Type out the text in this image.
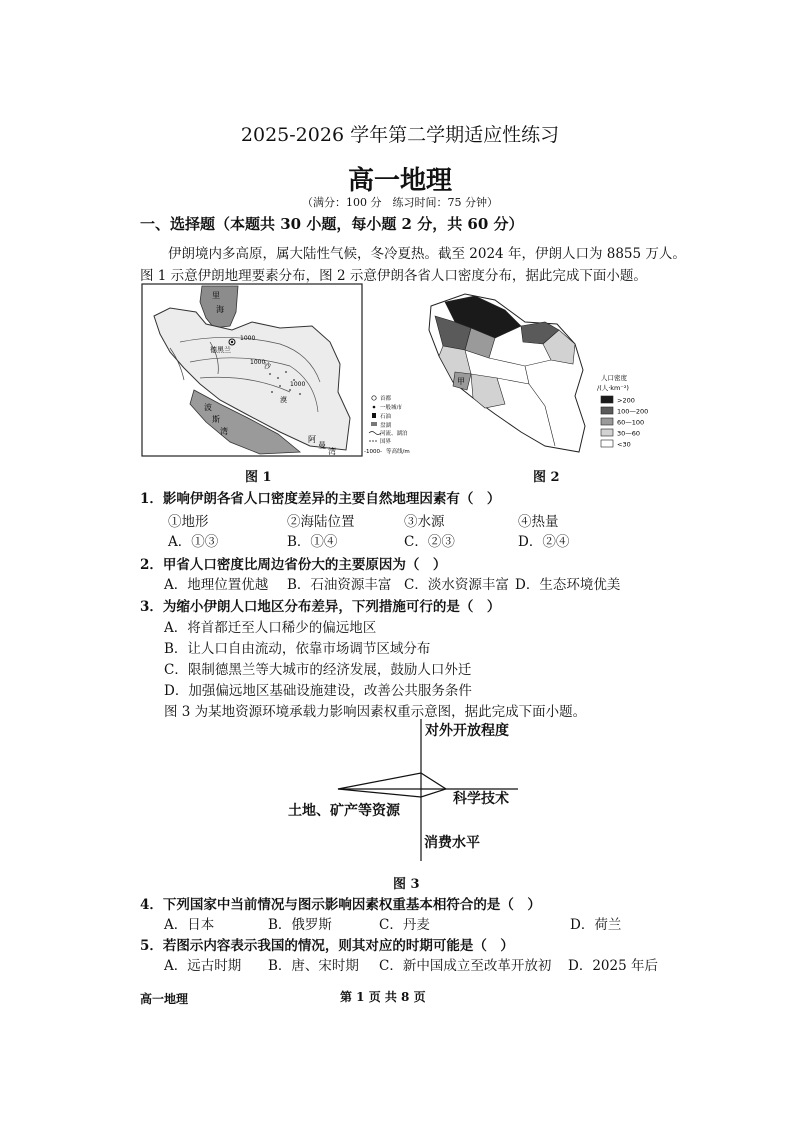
2025-2026 学年第二学期适应性练习
高一地理
（满分：100 分　练习时间：75 分钟）
一、选择题（本题共 30 小题，每小题 2 分，共 60 分）
伊朗境内多高原，属大陆性气候，冬冷夏热。截至 2024 年，伊朗人口为 8855 万人。
图 1 示意伊朗地理要素分布，图 2 示意伊朗各省人口密度分布，据此完成下面小题。
里
海
德黑兰
波
斯
湾
阿
曼
湾
沙
漠
1000
1000
1000
首都
一般城市
石油
盘湖
河流、湖泊
国界
-1000- 等高线/m
图 1
甲	人口密度
/(人·km⁻²)
>200
100—200
60—100
30—60
<30
图 2
1．影响伊朗各省人口密度差异的主要自然地理因素有（　）
①地形	②海陆位置	③水源	④热量
A．①③	B．①④	C．②③	D．②④
2．甲省人口密度比周边省份大的主要原因为（　）
A．地理位置优越 B．石油资源丰富 C．淡水资源丰富 D．生态环境优美
3．为缩小伊朗人口地区分布差异，下列措施可行的是（　）
A．将首都迁至人口稀少的偏远地区
B．让人口自由流动，依靠市场调节区域分布
C．限制德黑兰等大城市的经济发展，鼓励人口外迁
D．加强偏远地区基础设施建设，改善公共服务条件
图 3 为某地资源环境承载力影响因素权重示意图，据此完成下面小题。
对外开放程度
科学技术
土地、矿产等资源
消费水平
图 3
4．下列国家中当前情况与图示影响因素权重基本相符合的是（　）
A．日本	B．俄罗斯	C．丹麦	D．荷兰
5．若图示内容表示我国的情况，则其对应的时期可能是（　）
A．远古时期 B．唐、宋时期 C．新中国成立至改革开放初 D．2025 年后
高一地理	第 1 页 共 8 页
